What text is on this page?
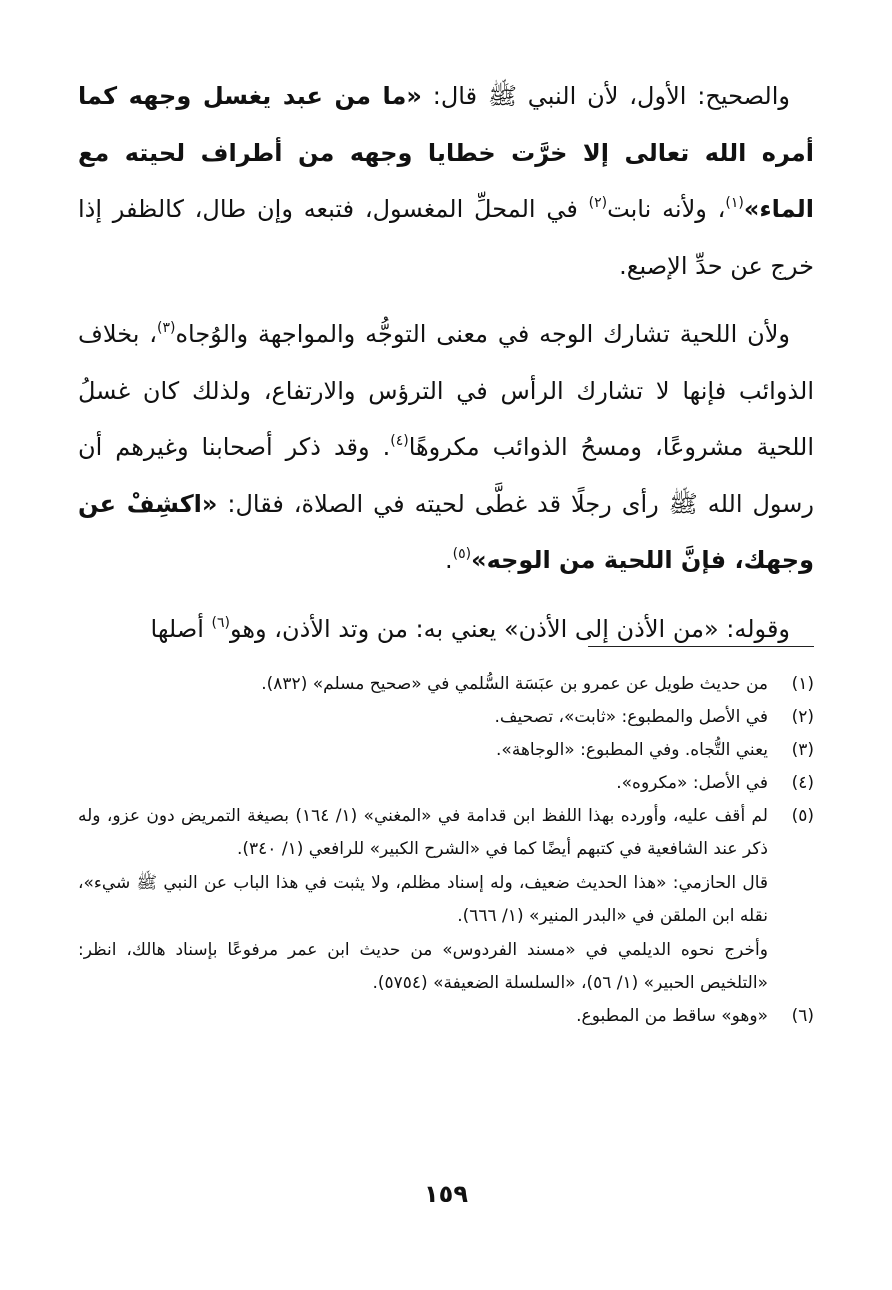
والصحيح: الأول، لأن النبي ﷺ قال: «ما من عبد يغسل وجهه كما أمره الله تعالى إلا خرَّت خطايا وجهه من أطراف لحيته مع الماء»$^{(١)}$، ولأنه نابت$^{(٢)}$ في المحلِّ المغسول، فتبعه وإن طال، كالظفر إذا خرج عن حدِّ الإصبع.

ولأن اللحية تشارك الوجه في معنى التوجُّه والمواجهة والوُجاه$^{(٣)}$، بخلاف الذوائب فإنها لا تشارك الرأس في الترؤس والارتفاع، ولذلك كان غسلُ اللحية مشروعًا، ومسحُ الذوائب مكروهًا$^{(٤)}$. وقد ذكر أصحابنا وغيرهم أن رسول الله ﷺ رأى رجلًا قد غطَّى لحيته في الصلاة، فقال: «اكشِفْ عن وجهك، فإنَّ اللحية من الوجه»$^{(٥)}$.

وقوله: «من الأذن إلى الأذن» يعني به: من وتد الأذن، وهو$^{(٦)}$ أصلها

(١)

من حديث طويل عن عمرو بن عبَسَة السُّلمي في «صحيح مسلم» (٨٣٢).

(٢)

في الأصل والمطبوع: «ثابت»، تصحيف.

(٣)

يعني التُّجاه. وفي المطبوع: «الوجاهة».

(٤)

في الأصل: «مكروه».

(٥)

لم أقف عليه، وأورده بهذا اللفظ ابن قدامة في «المغني» (١/ ١٦٤) بصيغة التمريض دون عزو، وله ذكر عند الشافعية في كتبهم أيضًا كما في «الشرح الكبير» للرافعي (١/ ٣٤٠).

قال الحازمي: «هذا الحديث ضعيف، وله إسناد مظلم، ولا يثبت في هذا الباب عن النبي ﷺ شيء»، نقله ابن الملقن في «البدر المنير» (١/ ٦٦٦).

وأخرج نحوه الديلمي في «مسند الفردوس» من حديث ابن عمر مرفوعًا بإسناد هالك، انظر: «التلخيص الحبير» (١/ ٥٦)، «السلسلة الضعيفة» (٥٧٥٤).

(٦)

«وهو» ساقط من المطبوع.

١٥٩
